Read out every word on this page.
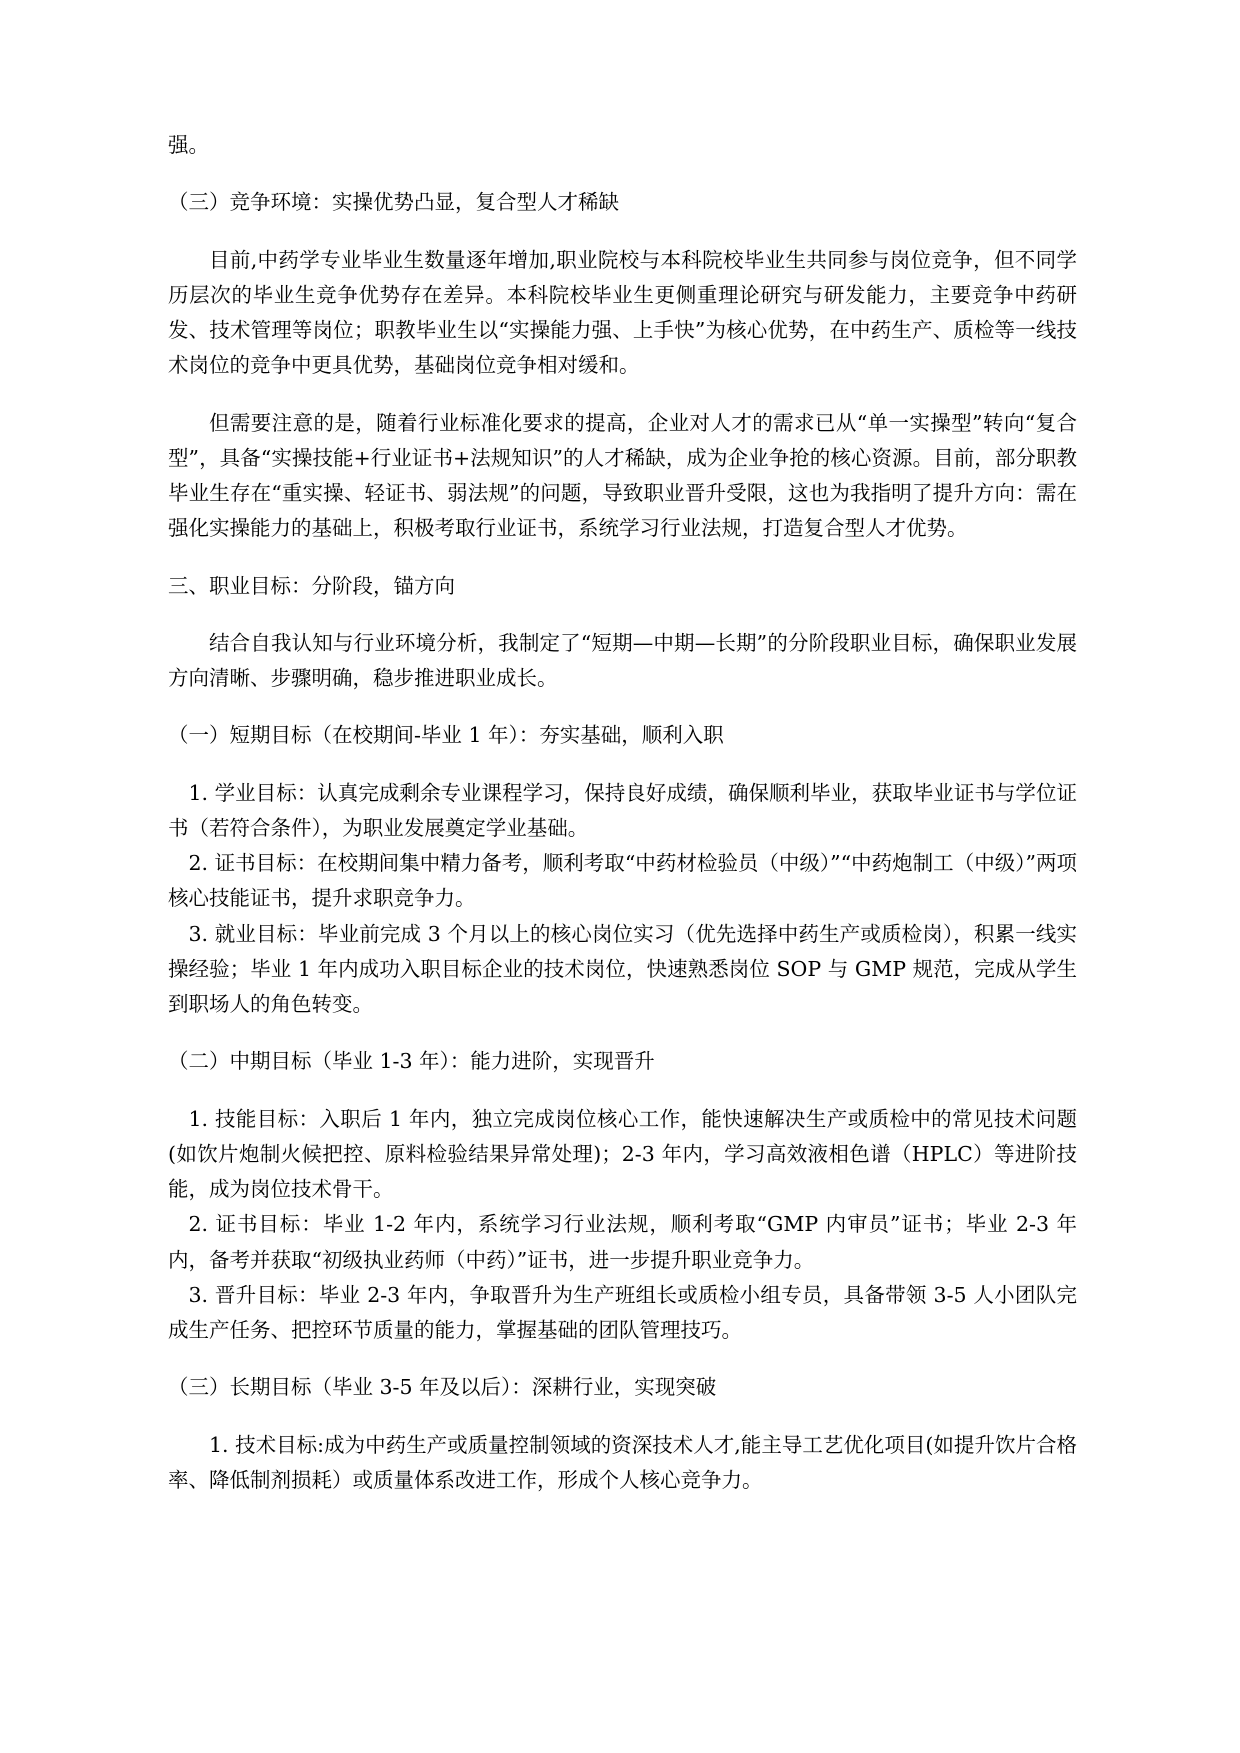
强。

（三）竞争环境：实操优势凸显，复合型人才稀缺

目前,中药学专业毕业生数量逐年增加,职业院校与本科院校毕业生共同参与岗位竞争，但不同学历层次的毕业生竞争优势存在差异。本科院校毕业生更侧重理论研究与研发能力，主要竞争中药研发、技术管理等岗位；职教毕业生以“实操能力强、上手快”为核心优势，在中药生产、质检等一线技术岗位的竞争中更具优势，基础岗位竞争相对缓和。

但需要注意的是，随着行业标准化要求的提高，企业对人才的需求已从“单一实操型”转向“复合型”，具备“实操技能+行业证书+法规知识”的人才稀缺，成为企业争抢的核心资源。目前，部分职教毕业生存在“重实操、轻证书、弱法规”的问题，导致职业晋升受限，这也为我指明了提升方向：需在强化实操能力的基础上，积极考取行业证书，系统学习行业法规，打造复合型人才优势。

三、职业目标：分阶段，锚方向

结合自我认知与行业环境分析，我制定了“短期—中期—长期”的分阶段职业目标，确保职业发展方向清晰、步骤明确，稳步推进职业成长。

（一）短期目标（在校期间-毕业 1 年）：夯实基础，顺利入职

1. 学业目标：认真完成剩余专业课程学习，保持良好成绩，确保顺利毕业，获取毕业证书与学位证书（若符合条件），为职业发展奠定学业基础。

2. 证书目标：在校期间集中精力备考，顺利考取“中药材检验员（中级）”“中药炮制工（中级）”两项核心技能证书，提升求职竞争力。

3. 就业目标：毕业前完成 3 个月以上的核心岗位实习（优先选择中药生产或质检岗），积累一线实操经验；毕业 1 年内成功入职目标企业的技术岗位，快速熟悉岗位 SOP 与 GMP 规范，完成从学生到职场人的角色转变。

（二）中期目标（毕业 1-3 年）：能力进阶，实现晋升

1. 技能目标：入职后 1 年内，独立完成岗位核心工作，能快速解决生产或质检中的常见技术问题(如饮片炮制火候把控、原料检验结果异常处理)；2-3 年内，学习高效液相色谱（HPLC）等进阶技能，成为岗位技术骨干。

2. 证书目标：毕业 1-2 年内，系统学习行业法规，顺利考取“GMP 内审员”证书；毕业 2-3 年内，备考并获取“初级执业药师（中药）”证书，进一步提升职业竞争力。

3. 晋升目标：毕业 2-3 年内，争取晋升为生产班组长或质检小组专员，具备带领 3-5 人小团队完成生产任务、把控环节质量的能力，掌握基础的团队管理技巧。

（三）长期目标（毕业 3-5 年及以后）：深耕行业，实现突破

1. 技术目标:成为中药生产或质量控制领域的资深技术人才,能主导工艺优化项目(如提升饮片合格率、降低制剂损耗）或质量体系改进工作，形成个人核心竞争力。
